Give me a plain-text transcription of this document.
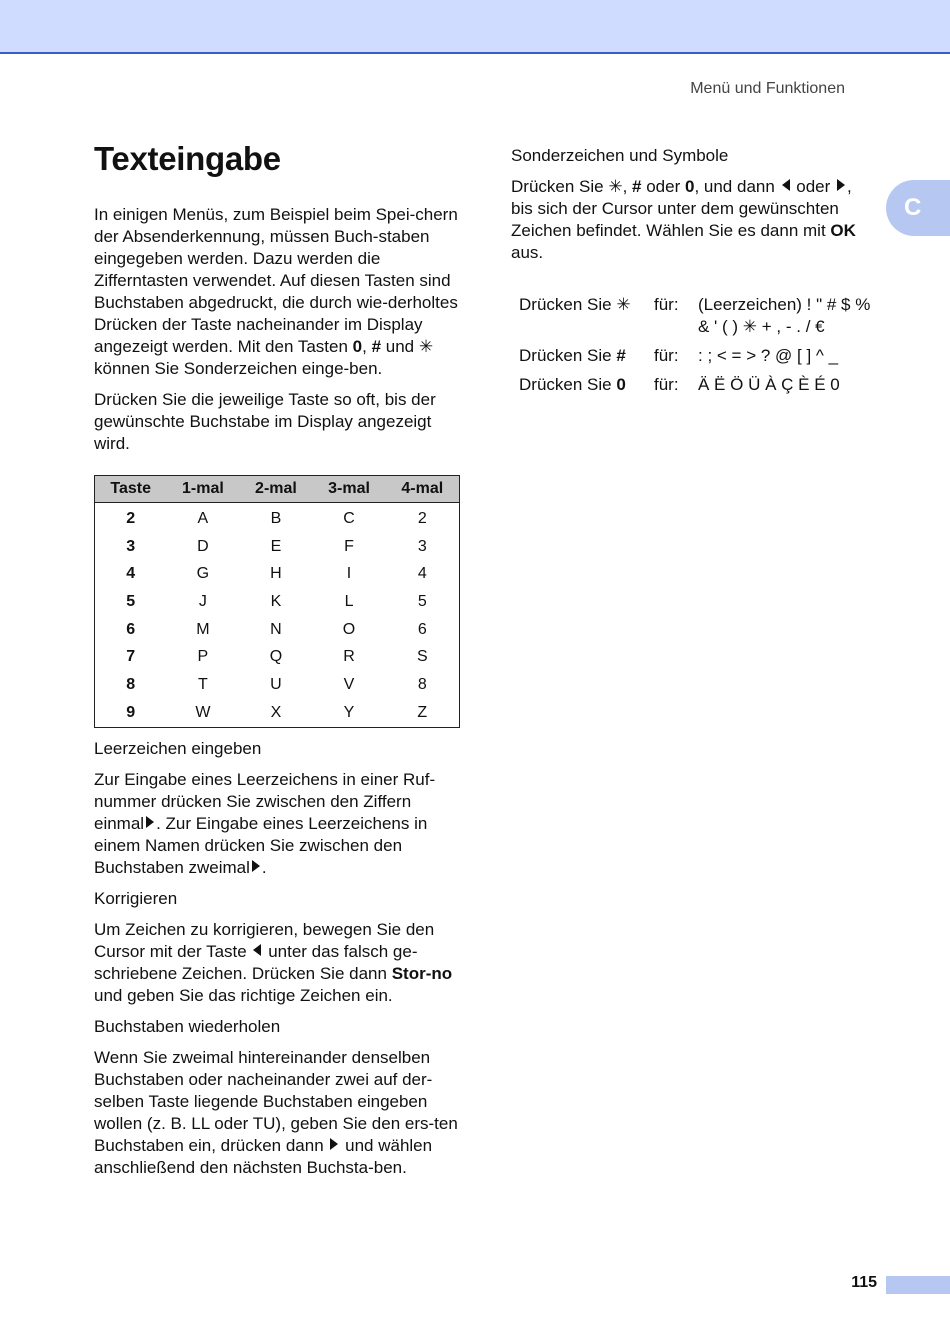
Menü und Funktionen
C
Texteingabe

In einigen Menüs, zum Beispiel beim Spei-chern der Absenderkennung, müssen Buch-staben eingegeben werden. Dazu werden die Zifferntasten verwendet. Auf diesen Tasten sind Buchstaben abgedruckt, die durch wie-derholtes Drücken der Taste nacheinander im Display angezeigt werden. Mit den Tasten 0, # und ✳ können Sie Sonderzeichen einge-ben.

Drücken Sie die jeweilige Taste so oft, bis der gewünschte Buchstabe im Display angezeigt wird.

Taste	1-mal	2-mal	3-mal	4-mal
2	A	B	C	2
3	D	E	F	3
4	G	H	I	4
5	J	K	L	5
6	M	N	O	6
7	P	Q	R	S
8	T	U	V	8
9	W	X	Y	Z

Leerzeichen eingeben

Zur Eingabe eines Leerzeichens in einer Ruf-nummer drücken Sie zwischen den Ziffern einmal . Zur Eingabe eines Leerzeichens in einem Namen drücken Sie zwischen den Buchstaben zweimal .

Korrigieren

Um Zeichen zu korrigieren, bewegen Sie den Cursor mit der Taste  unter das falsch ge-schriebene Zeichen. Drücken Sie dann Stor-no und geben Sie das richtige Zeichen ein.

Buchstaben wiederholen

Wenn Sie zweimal hintereinander denselben Buchstaben oder nacheinander zwei auf der-selben Taste liegende Buchstaben eingeben wollen (z. B. LL oder TU), geben Sie den ers-ten Buchstaben ein, drücken dann  und wählen anschließend den nächsten Buchsta-ben.

Sonderzeichen und Symbole

Drücken Sie ✳, # oder 0, und dann  oder , bis sich der Cursor unter dem gewünschten Zeichen befindet. Wählen Sie es dann mit OK aus.

Drücken Sie ✳	für:	(Leerzeichen) ! " # $ % & ' ( ) ✳ + , - . / €
Drücken Sie #	für:	: ; < = > ? @ [ ] ^ _
Drücken Sie 0	für:	Ä Ë Ö Ü À Ç È É 0
115
